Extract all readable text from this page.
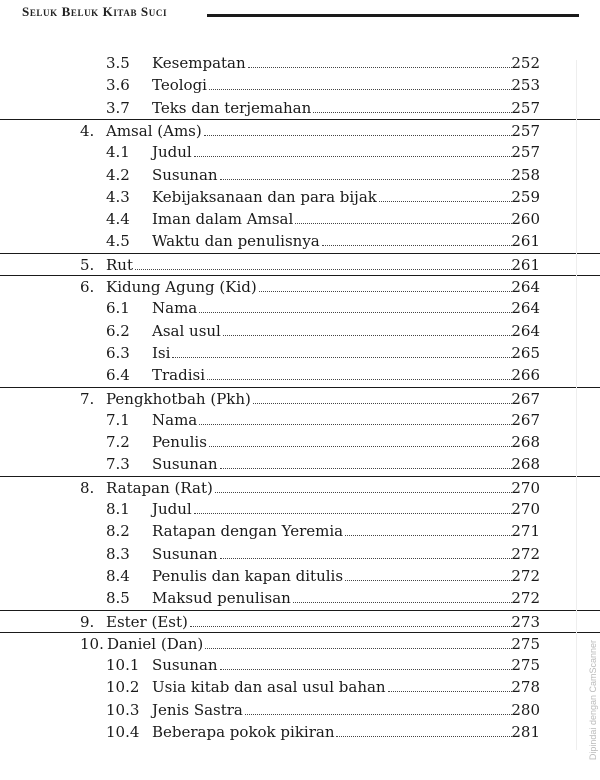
Seluk Beluk Kitab Suci
3.5 Kesempatan	252
3.6 Teologi	253
3.7 Teks dan terjemahan	257
4. Amsal (Ams)	257
4.1 Judul	257
4.2 Susunan	258
4.3 Kebijaksanaan dan para bijak	259
4.4 Iman dalam Amsal	260
4.5 Waktu dan penulisnya	261
5. Rut	261
6. Kidung Agung (Kid)	264
6.1 Nama	264
6.2 Asal usul	264
6.3 Isi	265
6.4 Tradisi	266
7. Pengkhotbah (Pkh)	267
7.1 Nama	267
7.2 Penulis	268
7.3 Susunan	268
8. Ratapan (Rat)	270
8.1 Judul	270
8.2 Ratapan dengan Yeremia	271
8.3 Susunan	272
8.4 Penulis dan kapan ditulis	272
8.5 Maksud penulisan	272
9. Ester (Est)	273
10. Daniel (Dan)	275
10.1 Susunan	275
10.2 Usia kitab dan asal usul bahan	278
10.3 Jenis Sastra	280
10.4 Beberapa pokok pikiran	281	Dipindai dengan CamScanner
